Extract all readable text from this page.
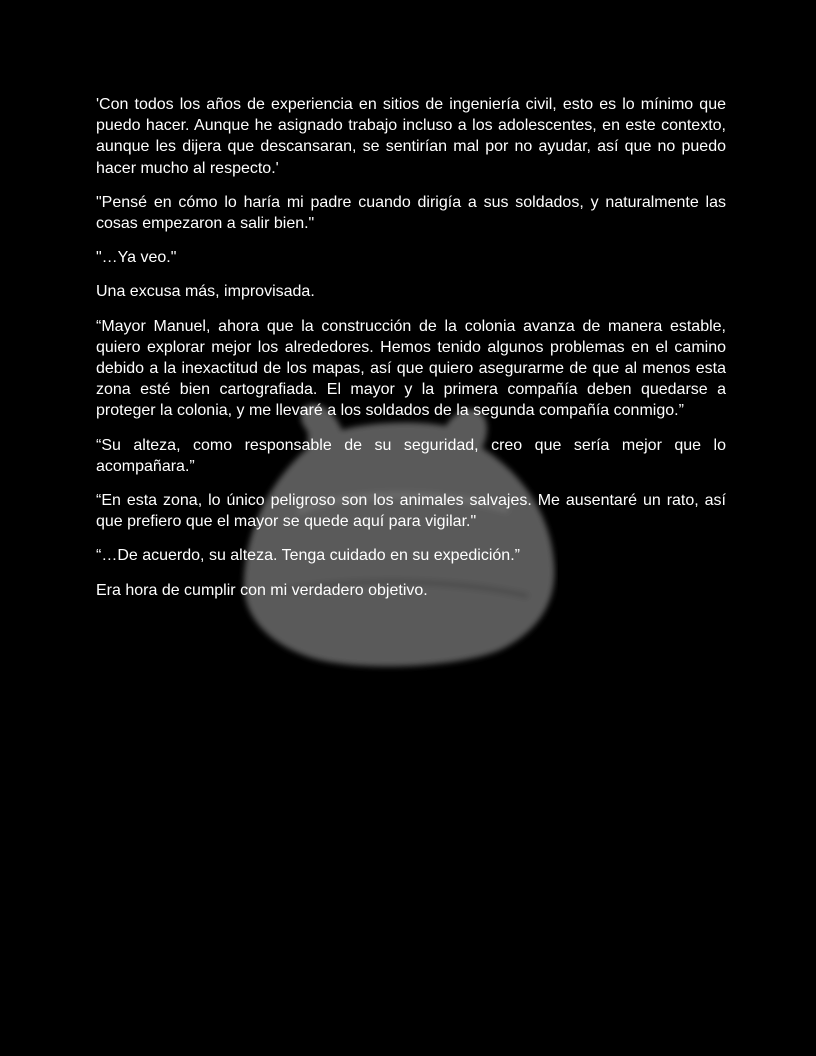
'Con todos los años de experiencia en sitios de ingeniería civil, esto es lo mínimo que puedo hacer. Aunque he asignado trabajo incluso a los adolescentes, en este contexto, aunque les dijera que descansaran, se sentirían mal por no ayudar, así que no puedo hacer mucho al respecto.'

"Pensé en cómo lo haría mi padre cuando dirigía a sus soldados, y naturalmente las cosas empezaron a salir bien."

"…Ya veo."

Una excusa más, improvisada.

“Mayor Manuel, ahora que la construcción de la colonia avanza de manera estable, quiero explorar mejor los alrededores. Hemos tenido algunos problemas en el camino debido a la inexactitud de los mapas, así que quiero asegurarme de que al menos esta zona esté bien cartografiada. El mayor y la primera compañía deben quedarse a proteger la colonia, y me llevaré a los soldados de la segunda compañía conmigo.”

“Su alteza, como responsable de su seguridad, creo que sería mejor que lo acompañara.”

“En esta zona, lo único peligroso son los animales salvajes. Me ausentaré un rato, así que prefiero que el mayor se quede aquí para vigilar."

“…De acuerdo, su alteza. Tenga cuidado en su expedición.”

Era hora de cumplir con mi verdadero objetivo.
